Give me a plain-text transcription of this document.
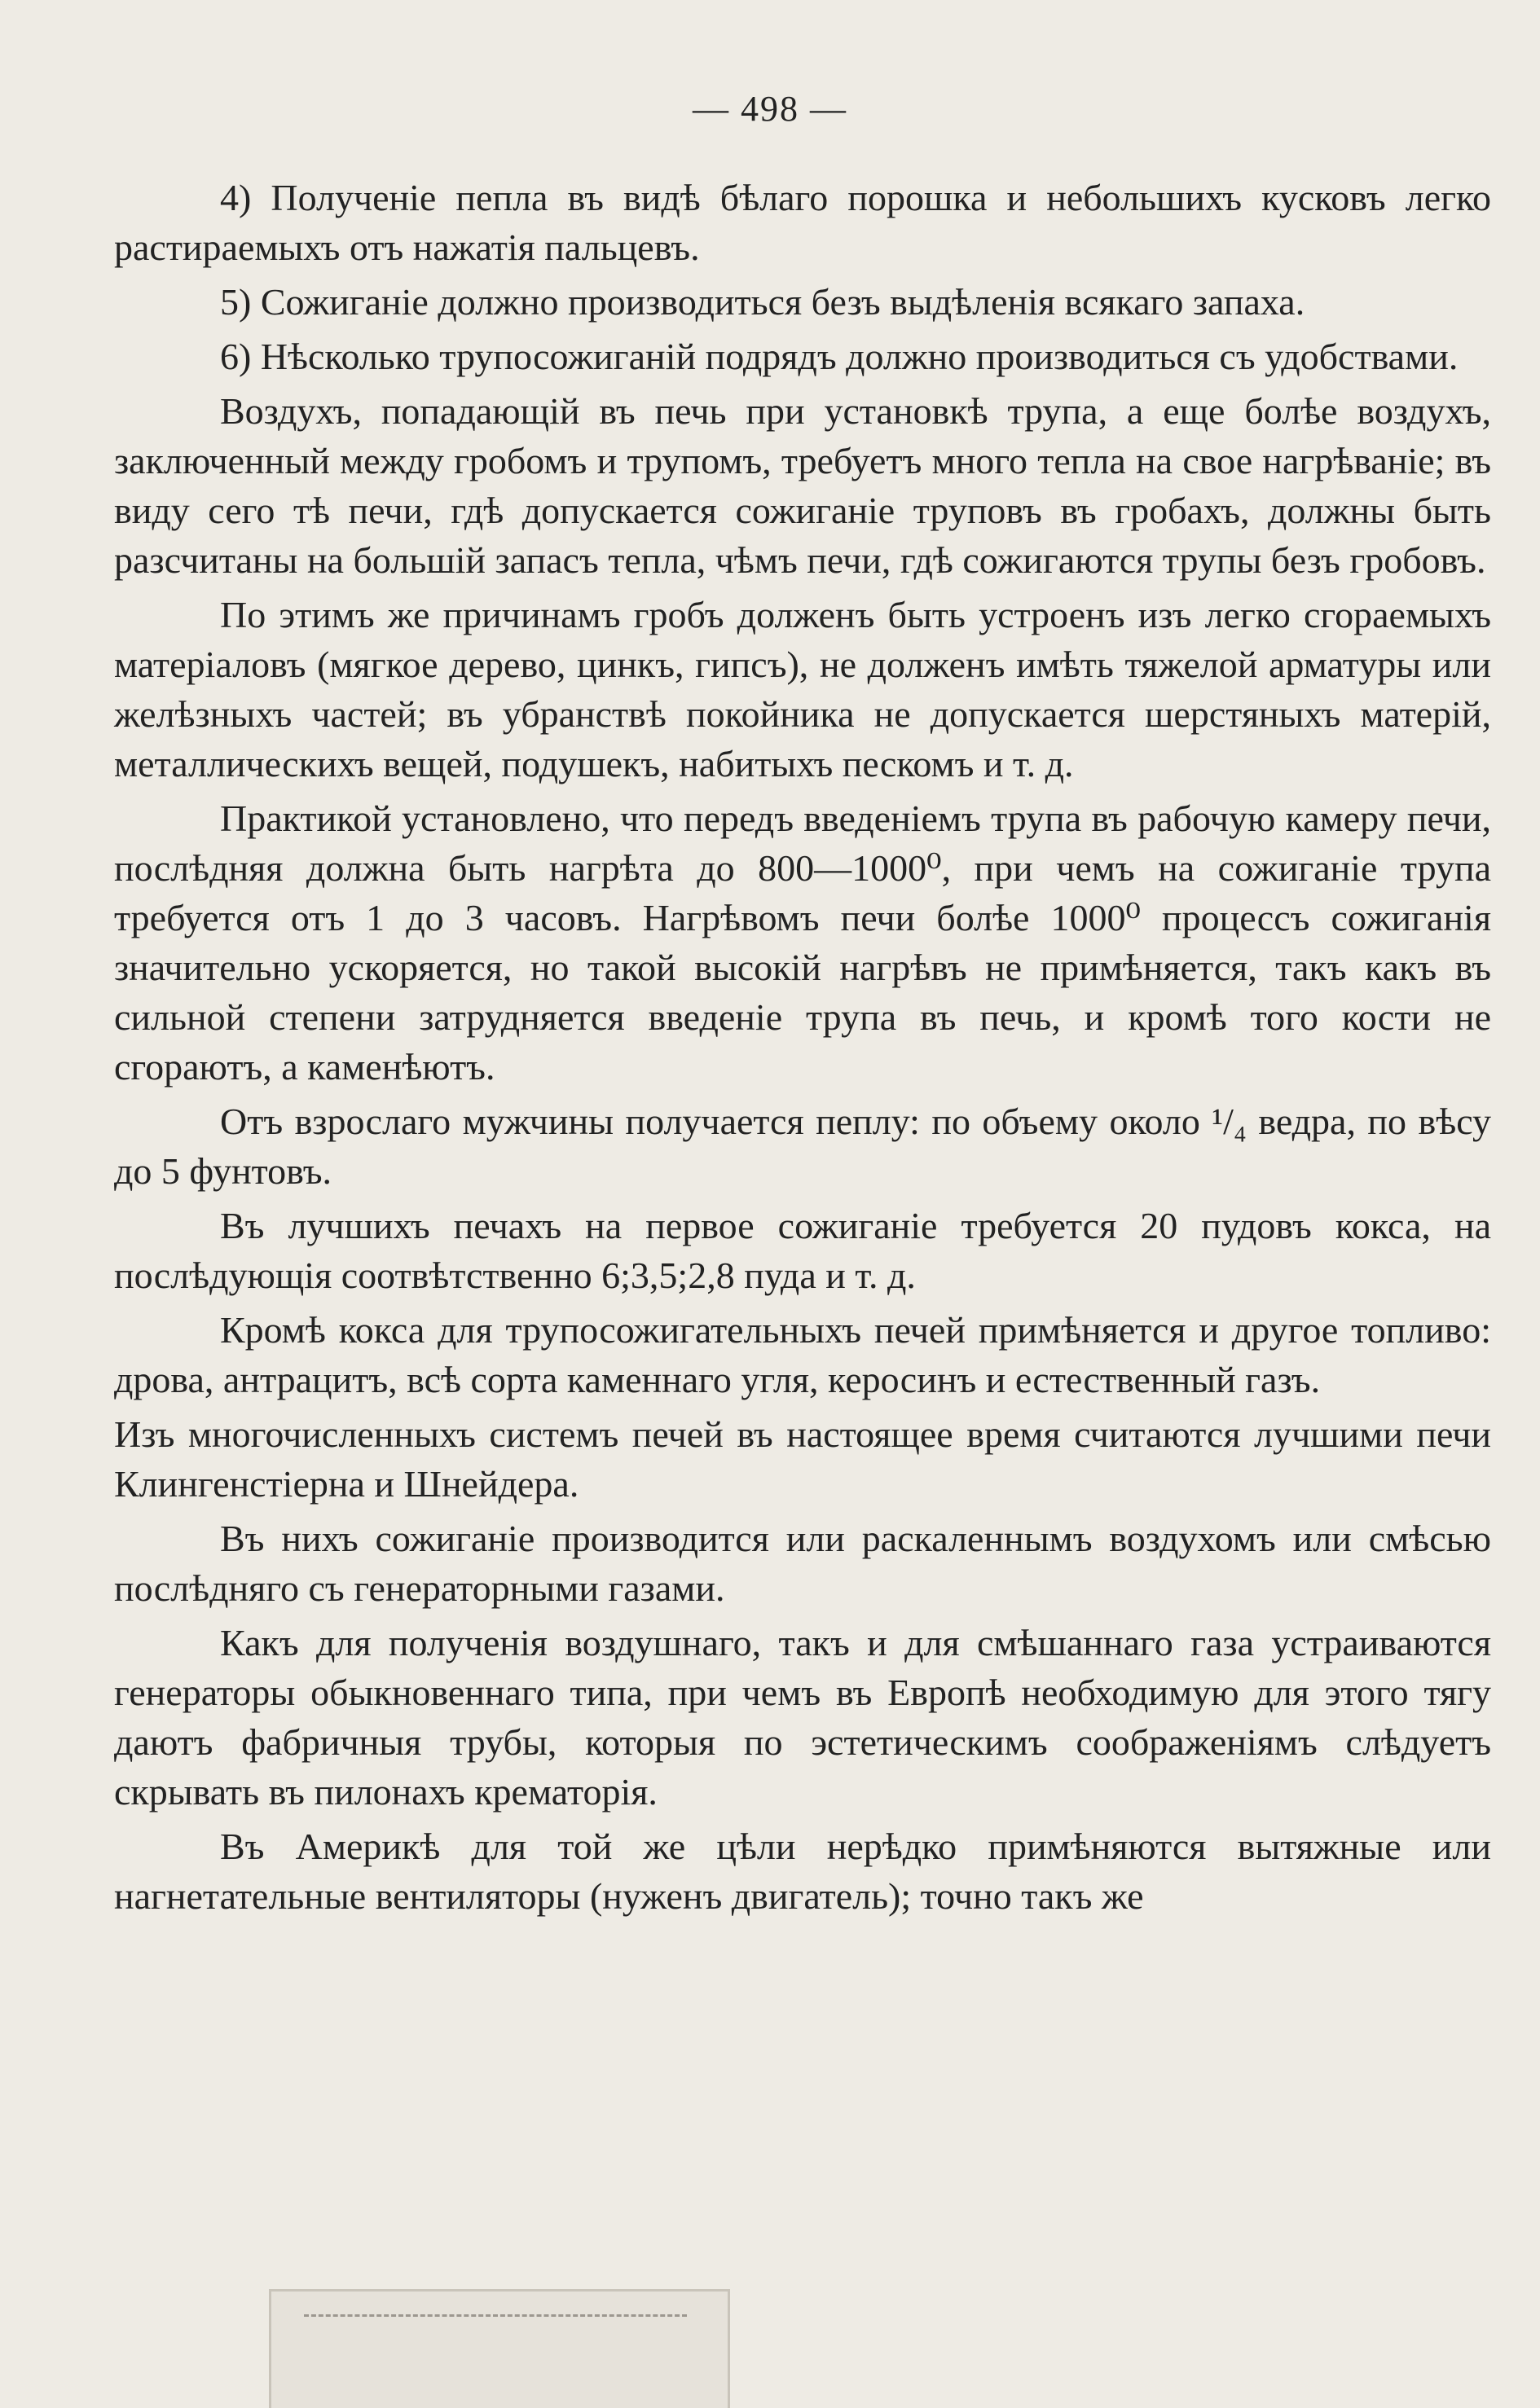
— 498 —

4) Полученіе пепла въ видѣ бѣлаго порошка и небольшихъ кусковъ легко растираемыхъ отъ нажатія пальцевъ.

5) Сожиганіе должно производиться безъ выдѣленія всякаго запаха.

6) Нѣсколько трупосожиганій подрядъ должно производиться съ удобствами.

Воздухъ, попадающій въ печь при установкѣ трупа, а еще болѣе воздухъ, заключенный между гробомъ и трупомъ, требуетъ много тепла на свое нагрѣваніе; въ виду сего тѣ печи, гдѣ допускается сожиганіе труповъ въ гробахъ, должны быть разсчитаны на большій запасъ тепла, чѣмъ печи, гдѣ сожигаются трупы безъ гробовъ.

По этимъ же причинамъ гробъ долженъ быть устроенъ изъ легко сгораемыхъ матеріаловъ (мягкое дерево, цинкъ, гипсъ), не долженъ имѣть тяжелой арматуры или желѣзныхъ частей; въ убранствѣ покойника не допускается шерстяныхъ матерій, металлическихъ вещей, подушекъ, набитыхъ пескомъ и т. д.

Практикой установлено, что передъ введеніемъ трупа въ рабочую камеру печи, послѣдняя должна быть нагрѣта до 800—1000⁰, при чемъ на сожиганіе трупа требуется отъ 1 до 3 часовъ. Нагрѣвомъ печи болѣе 1000⁰ процессъ сожиганія значительно ускоряется, но такой высокій нагрѣвъ не примѣняется, такъ какъ въ сильной степени затрудняется введеніе трупа въ печь, и кромѣ того кости не сгораютъ, а каменѣютъ.

Отъ взрослаго мужчины получается пеплу: по объему около ¹/₄ ведра, по вѣсу до 5 фунтовъ.

Въ лучшихъ печахъ на первое сожиганіе требуется 20 пудовъ кокса, на послѣдующія соотвѣтственно 6;3,5;2,8 пуда и т. д.

Кромѣ кокса для трупосожигательныхъ печей примѣняется и другое топливо: дрова, антрацитъ, всѣ сорта каменнаго угля, керосинъ и естественный газъ.

Изъ многочисленныхъ системъ печей въ настоящее время считаются лучшими печи Клингенстіерна и Шнейдера.

Въ нихъ сожиганіе производится или раскаленнымъ воздухомъ или смѣсью послѣдняго съ генераторными газами.

Какъ для полученія воздушнаго, такъ и для смѣшаннаго газа устраиваются генераторы обыкновеннаго типа, при чемъ въ Европѣ необходимую для этого тягу даютъ фабричныя трубы, которыя по эстетическимъ соображеніямъ слѣдуетъ скрывать въ пилонахъ крематорія.

Въ Америкѣ для той же цѣли нерѣдко примѣняются вытяжные или нагнетательные вентиляторы (нуженъ двигатель); точно такъ же
